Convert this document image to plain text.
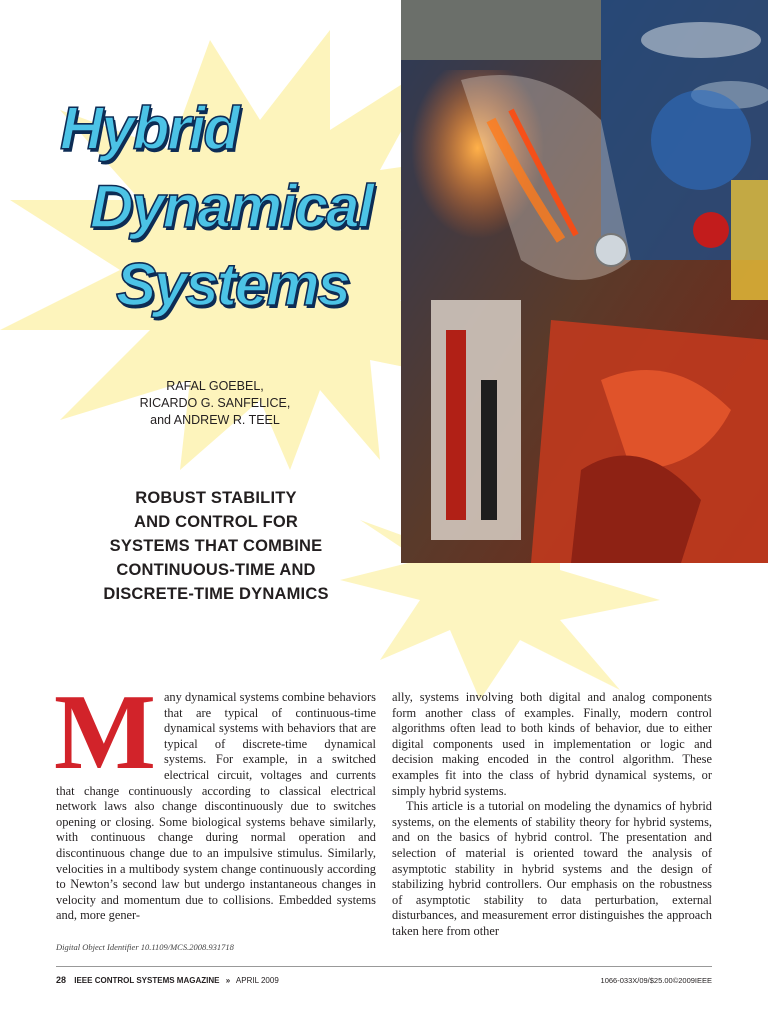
Hybrid
Dynamical
Systems
RAFAL GOEBEL,
RICARDO G. SANFELICE,
and ANDREW R. TEEL
ROBUST STABILITY
AND CONTROL FOR
SYSTEMS THAT COMBINE
CONTINUOUS-TIME AND
DISCRETE-TIME DYNAMICS
M any dynamical systems combine behaviors that are typical of continuous-time dynamical systems with behaviors that are typical of discrete-time dynamical systems. For example, in a switched electrical circuit, voltages and currents that change continuously according to classical electrical network laws also change discontinuously due to switches opening or closing. Some biological systems behave similarly, with continuous change during normal operation and discontinuous change due to an impulsive stimulus. Similarly, velocities in a multibody system change continuously according to Newton’s second law but undergo instantaneous changes in velocity and momentum due to collisions. Embedded systems and, more gener-

ally, systems involving both digital and analog components form another class of examples. Finally, modern control algorithms often lead to both kinds of behavior, due to either digital components used in implementation or logic and decision making encoded in the control algorithm. These examples fit into the class of hybrid dynamical systems, or simply hybrid systems.

This article is a tutorial on modeling the dynamics of hybrid systems, on the elements of stability theory for hybrid systems, and on the basics of hybrid control. The presentation and selection of material is oriented toward the analysis of asymptotic stability in hybrid systems and the design of stabilizing hybrid controllers. Our emphasis on the robustness of asymptotic stability to data perturbation, external disturbances, and measurement error distinguishes the approach taken here from other

Digital Object Identifier 10.1109/MCS.2008.931718
28 IEEE CONTROL SYSTEMS MAGAZINE » APRIL 2009	1066-033X/09/$25.00©2009IEEE
